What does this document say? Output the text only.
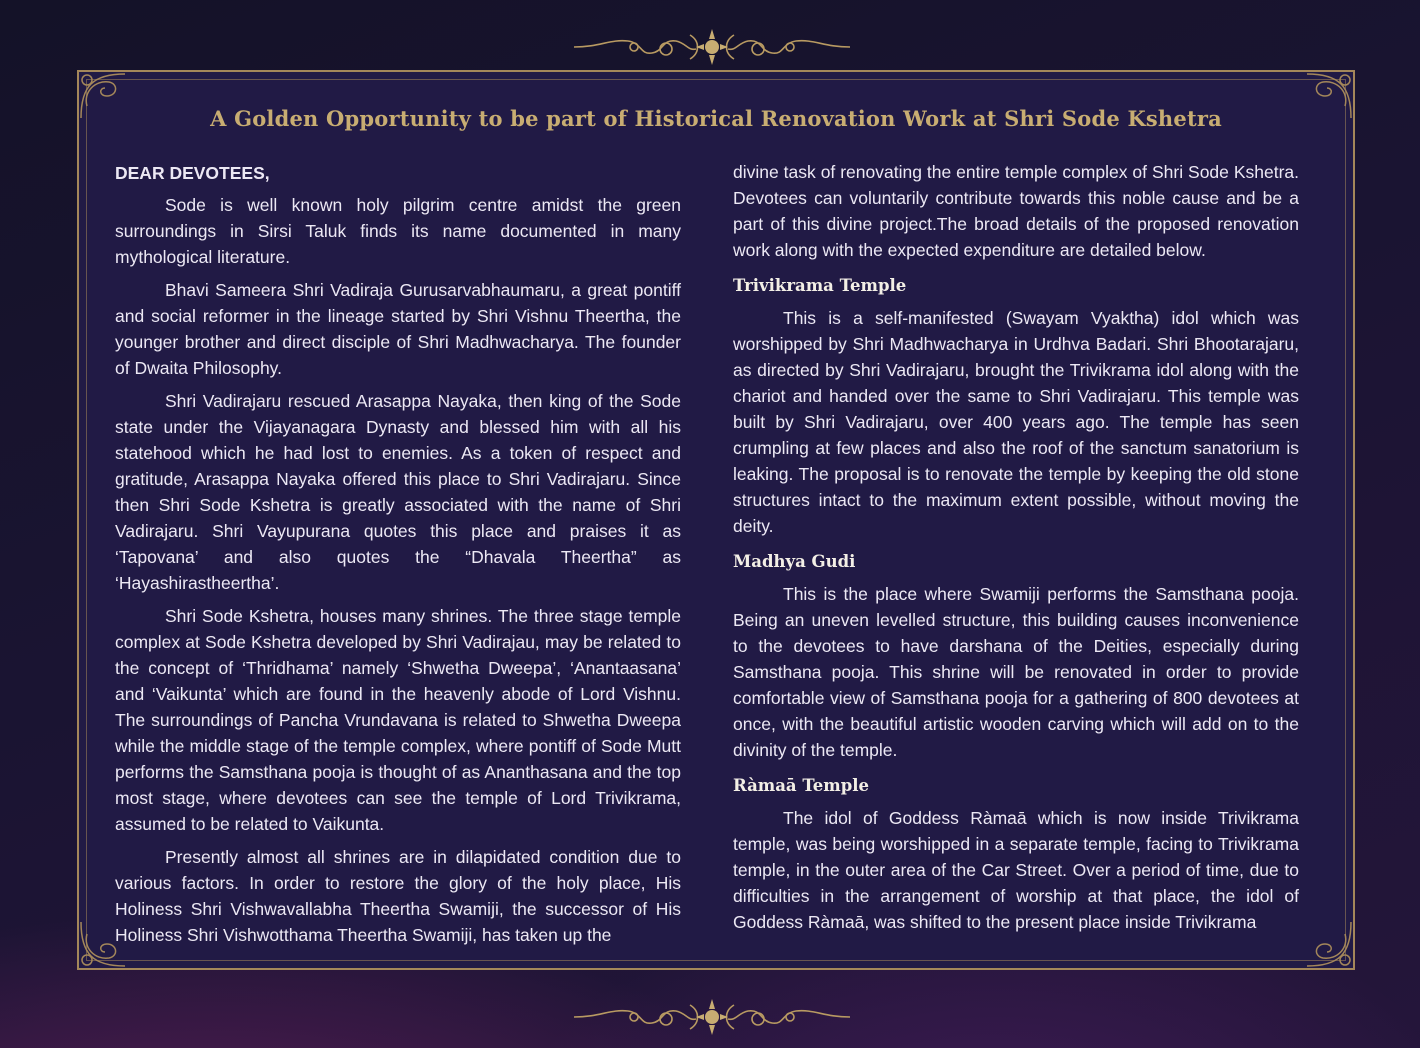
A Golden Opportunity to be part of Historical Renovation Work at Shri Sode Kshetra
DEAR DEVOTEES,

Sode is well known holy pilgrim centre amidst the green surroundings in Sirsi Taluk finds its name documented in many mythological literature.

Bhavi Sameera Shri Vadiraja Gurusarvabhaumaru, a great pontiff and social reformer in the lineage started by Shri Vishnu Theertha, the younger brother and direct disciple of Shri Madhwacharya. The founder of Dwaita Philosophy.

Shri Vadirajaru rescued Arasappa Nayaka, then king of the Sode state under the Vijayanagara Dynasty and blessed him with all his statehood which he had lost to enemies. As a token of respect and gratitude, Arasappa Nayaka offered this place to Shri Vadirajaru. Since then Shri Sode Kshetra is greatly associated with the name of Shri Vadirajaru. Shri Vayupurana quotes this place and praises it as ‘Tapovana’ and also quotes the “Dhavala Theertha” as ‘Hayashirastheertha’.

Shri Sode Kshetra, houses many shrines. The three stage temple complex at Sode Kshetra developed by Shri Vadirajau, may be related to the concept of ‘Thridhama’ namely ‘Shwetha Dweepa’, ‘Anantaasana’ and ‘Vaikunta’ which are found in the heavenly abode of Lord Vishnu. The surroundings of Pancha Vrundavana is related to Shwetha Dweepa while the middle stage of the temple complex, where pontiff of Sode Mutt performs the Samsthana pooja is thought of as Ananthasana and the top most stage, where devotees can see the temple of Lord Trivikrama, assumed to be related to Vaikunta.

Presently almost all shrines are in dilapidated condition due to various factors. In order to restore the glory of the holy place, His Holiness Shri Vishwavallabha Theertha Swamiji, the successor of His Holiness Shri Vishwotthama Theertha Swamiji, has taken up the

divine task of renovating the entire temple complex of Shri Sode Kshetra. Devotees can voluntarily contribute towards this noble cause and be a part of this divine project.The broad details of the proposed renovation work along with the expected expenditure are detailed below.

Trivikrama Temple

This is a self-manifested (Swayam Vyaktha) idol which was worshipped by Shri Madhwacharya in Urdhva Badari. Shri Bhootarajaru, as directed by Shri Vadirajaru, brought the Trivikrama idol along with the chariot and handed over the same to Shri Vadirajaru. This temple was built by Shri Vadirajaru, over 400 years ago. The temple has seen crumpling at few places and also the roof of the sanctum sanatorium is leaking. The proposal is to renovate the temple by keeping the old stone structures intact to the maximum extent possible, without moving the deity.

Madhya Gudi

This is the place where Swamiji performs the Samsthana pooja. Being an uneven levelled structure, this building causes inconvenience to the devotees to have darshana of the Deities, especially during Samsthana pooja. This shrine will be renovated in order to provide comfortable view of Samsthana pooja for a gathering of 800 devotees at once, with the beautiful artistic wooden carving which will add on to the divinity of the temple.

Ràmaā Temple

The idol of Goddess Ràmaā which is now inside Trivikrama temple, was being worshipped in a separate temple, facing to Trivikrama temple, in the outer area of the Car Street. Over a period of time, due to difficulties in the arrangement of worship at that place, the idol of Goddess Ràmaā, was shifted to the present place inside Trivikrama
